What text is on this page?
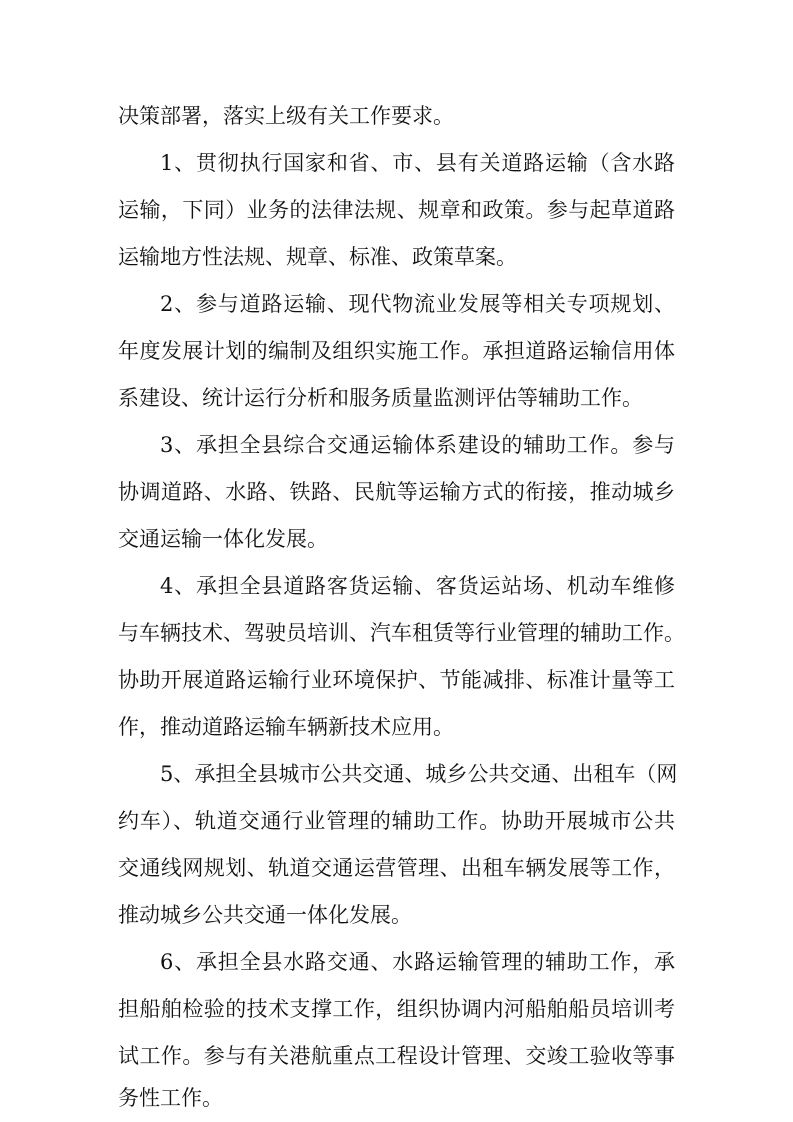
决策部署，落实上级有关工作要求。
1、贯彻执行国家和省、市、县有关道路运输（含水路
运输，下同）业务的法律法规、规章和政策。参与起草道路
运输地方性法规、规章、标准、政策草案。
2、参与道路运输、现代物流业发展等相关专项规划、
年度发展计划的编制及组织实施工作。承担道路运输信用体
系建设、统计运行分析和服务质量监测评估等辅助工作。
3、承担全县综合交通运输体系建设的辅助工作。参与
协调道路、水路、铁路、民航等运输方式的衔接，推动城乡
交通运输一体化发展。
4、承担全县道路客货运输、客货运站场、机动车维修
与车辆技术、驾驶员培训、汽车租赁等行业管理的辅助工作。
协助开展道路运输行业环境保护、节能减排、标准计量等工
作，推动道路运输车辆新技术应用。
5、承担全县城市公共交通、城乡公共交通、出租车（网
约车）、轨道交通行业管理的辅助工作。协助开展城市公共
交通线网规划、轨道交通运营管理、出租车辆发展等工作，
推动城乡公共交通一体化发展。
6、承担全县水路交通、水路运输管理的辅助工作，承
担船舶检验的技术支撑工作，组织协调内河船舶船员培训考
试工作。参与有关港航重点工程设计管理、交竣工验收等事
务性工作。
